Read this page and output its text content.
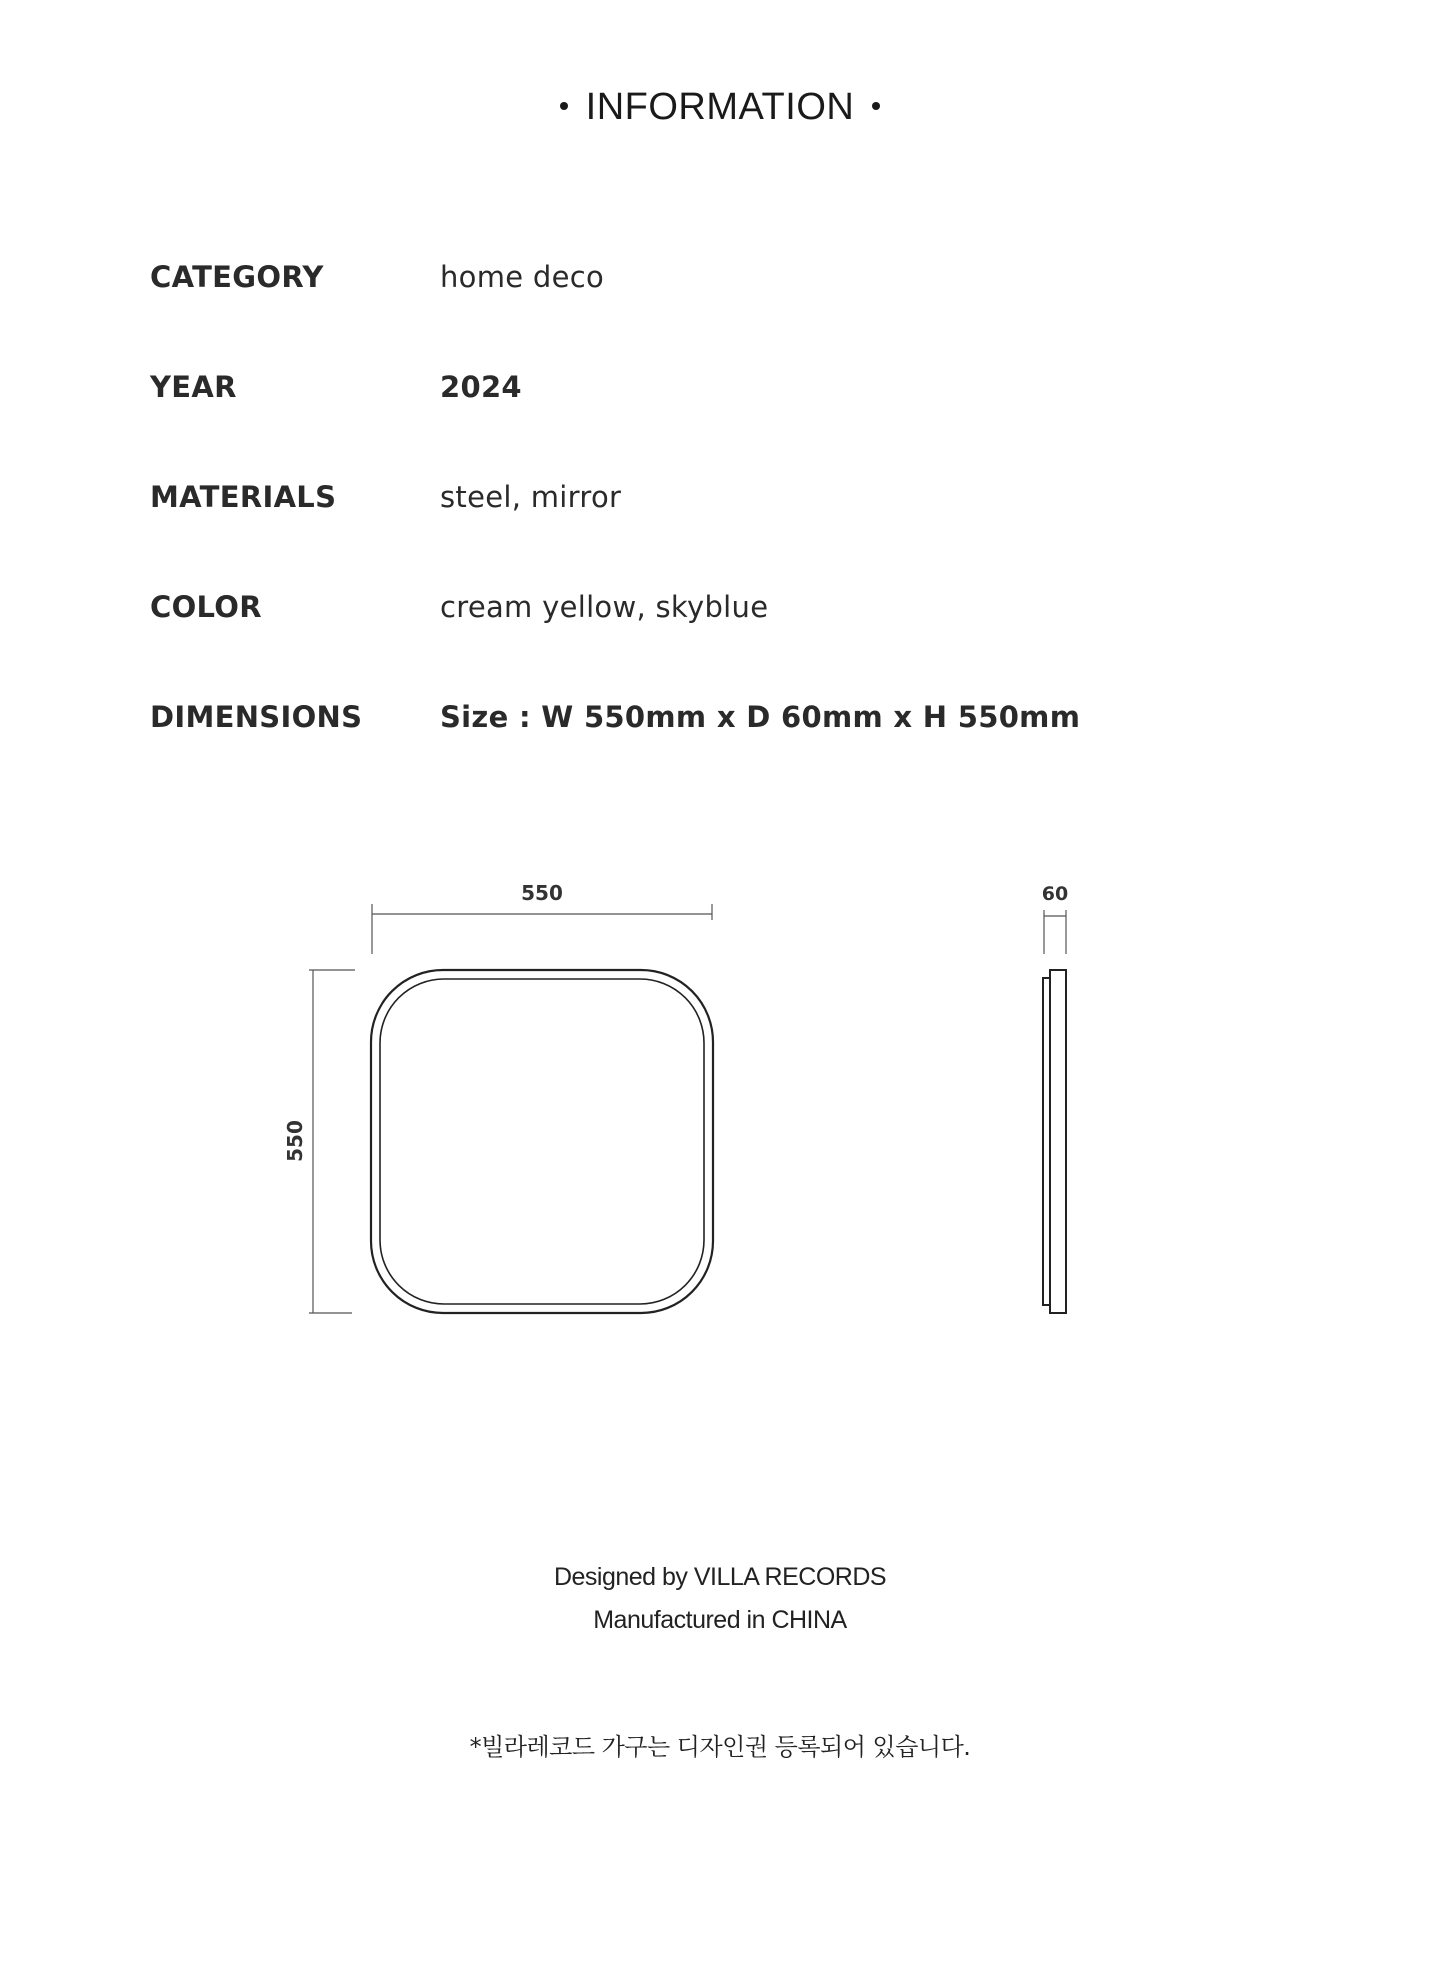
INFORMATION
CATEGORY	home deco
YEAR	2024
MATERIALS	steel, mirror
COLOR	cream yellow, skyblue
DIMENSIONS	Size : W 550mm x D 60mm x H 550mm
550
550
60
Designed by VILLA RECORDS
Manufactured in CHINA
*빌라레코드 가구는 디자인권 등록되어 있습니다.
